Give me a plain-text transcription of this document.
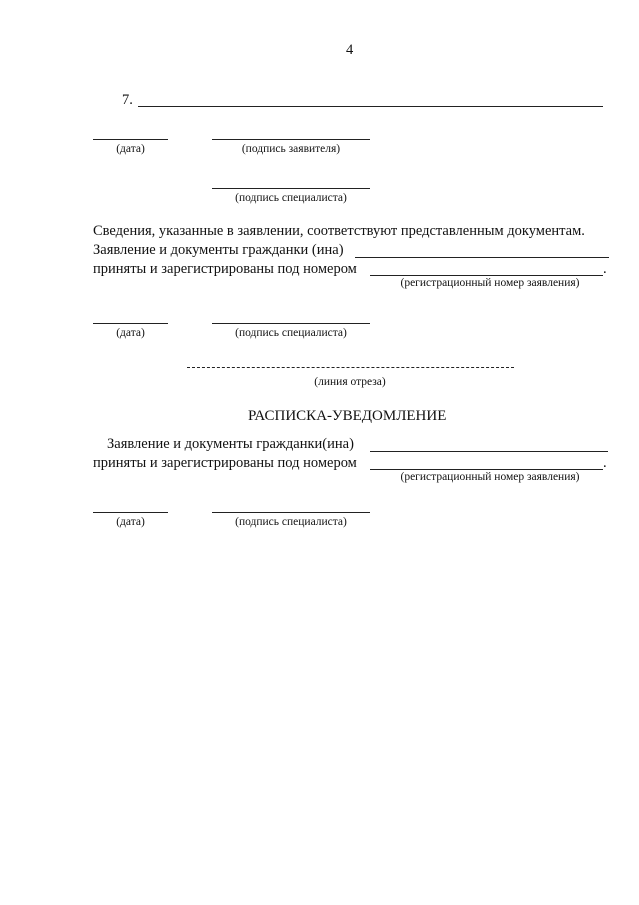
4
7.
(дата)	(подпись заявителя)
(подпись специалиста)
Сведения, указанные в заявлении, соответствуют представленным документам.
Заявление и документы гражданки (ина)
приняты и зарегистрированы под номером	.
(регистрационный номер заявления)
(дата)	(подпись специалиста)
(линия отреза)
РАСПИСКА-УВЕДОМЛЕНИЕ
Заявление и документы гражданки(ина)
приняты и зарегистрированы под номером	.
(регистрационный номер заявления)
(дата)	(подпись специалиста)
